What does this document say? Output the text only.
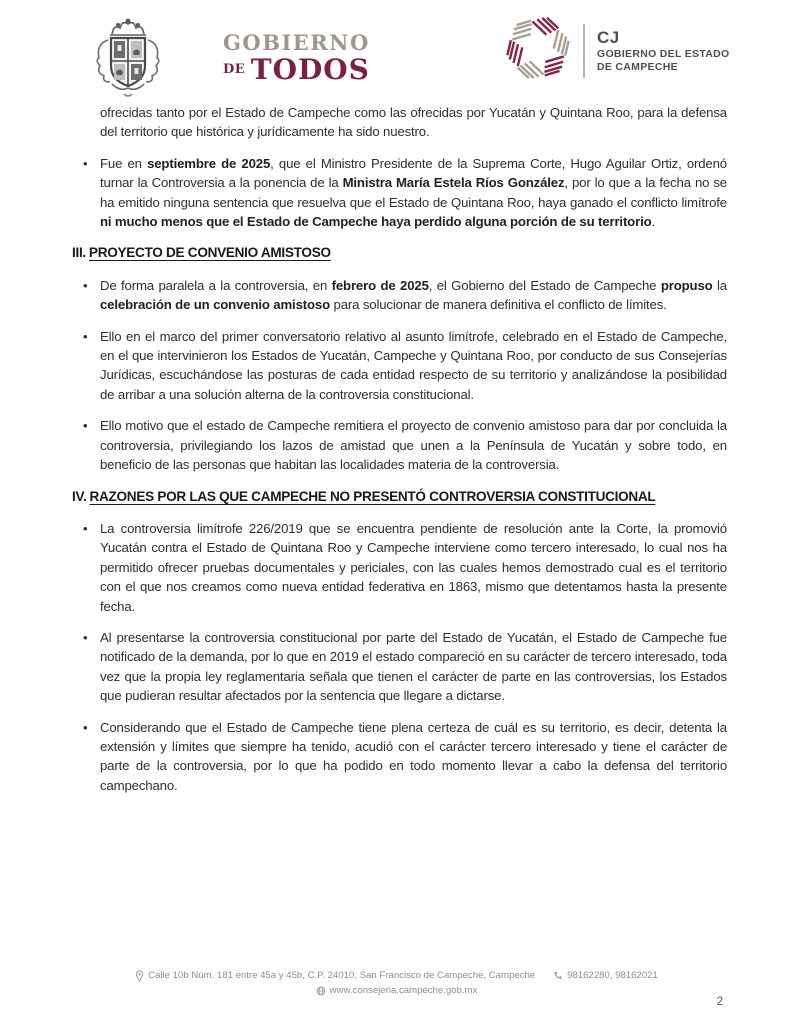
GOBIERNO
$^{DE}$ TODOS
CJ
GOBIERNO DEL ESTADO
DE CAMPECHE
ofrecidas tanto por el Estado de Campeche como las ofrecidas por Yucatán y Quintana Roo, para la defensa del territorio que histórica y jurídicamente ha sido nuestro.
• Fue en septiembre de 2025, que el Ministro Presidente de la Suprema Corte, Hugo Aguilar Ortiz, ordenó turnar la Controversia a la ponencia de la Ministra María Estela Ríos González, por lo que a la fecha no se ha emitido ninguna sentencia que resuelva que el Estado de Quintana Roo, haya ganado el conflicto limítrofe ni mucho menos que el Estado de Campeche haya perdido alguna porción de su territorio.
III. PROYECTO DE CONVENIO AMISTOSO
• De forma paralela a la controversia, en febrero de 2025, el Gobierno del Estado de Campeche propuso la celebración de un convenio amistoso para solucionar de manera definitiva el conflicto de límites.
• Ello en el marco del primer conversatorio relativo al asunto limítrofe, celebrado en el Estado de Campeche, en el que intervinieron los Estados de Yucatán, Campeche y Quintana Roo, por conducto de sus Consejerías Jurídicas, escuchándose las posturas de cada entidad respecto de su territorio y analizándose la posibilidad de arribar a una solución alterna de la controversia constitucional.
• Ello motivo que el estado de Campeche remitiera el proyecto de convenio amistoso para dar por concluida la controversia, privilegiando los lazos de amistad que unen a la Península de Yucatán y sobre todo, en beneficio de las personas que habitan las localidades materia de la controversia.
IV. RAZONES POR LAS QUE CAMPECHE NO PRESENTÓ CONTROVERSIA CONSTITUCIONAL
• La controversia limítrofe 226/2019 que se encuentra pendiente de resolución ante la Corte, la promovió Yucatán contra el Estado de Quintana Roo y Campeche interviene como tercero interesado, lo cual nos ha permitido ofrecer pruebas documentales y periciales, con las cuales hemos demostrado cual es el territorio con el que nos creamos como nueva entidad federativa en 1863, mismo que detentamos hasta la presente fecha.
• Al presentarse la controversia constitucional por parte del Estado de Yucatán, el Estado de Campeche fue notificado de la demanda, por lo que en 2019 el estado compareció en su carácter de tercero interesado, toda vez que la propia ley reglamentaria señala que tienen el carácter de parte en las controversias, los Estados que pudieran resultar afectados por la sentencia que llegare a dictarse.
• Considerando que el Estado de Campeche tiene plena certeza de cuál es su territorio, es decir, detenta la extensión y límites que siempre ha tenido, acudió con el carácter tercero interesado y tiene el carácter de parte de la controversia, por lo que ha podido en todo momento llevar a cabo la defensa del territorio campechano.
Calle 10b Núm. 181 entre 45a y 45b, C.P. 24010, San Francisco de Campeche, Campeche	98162280, 98162021
www.consejeria.campeche.gob.mx
2
